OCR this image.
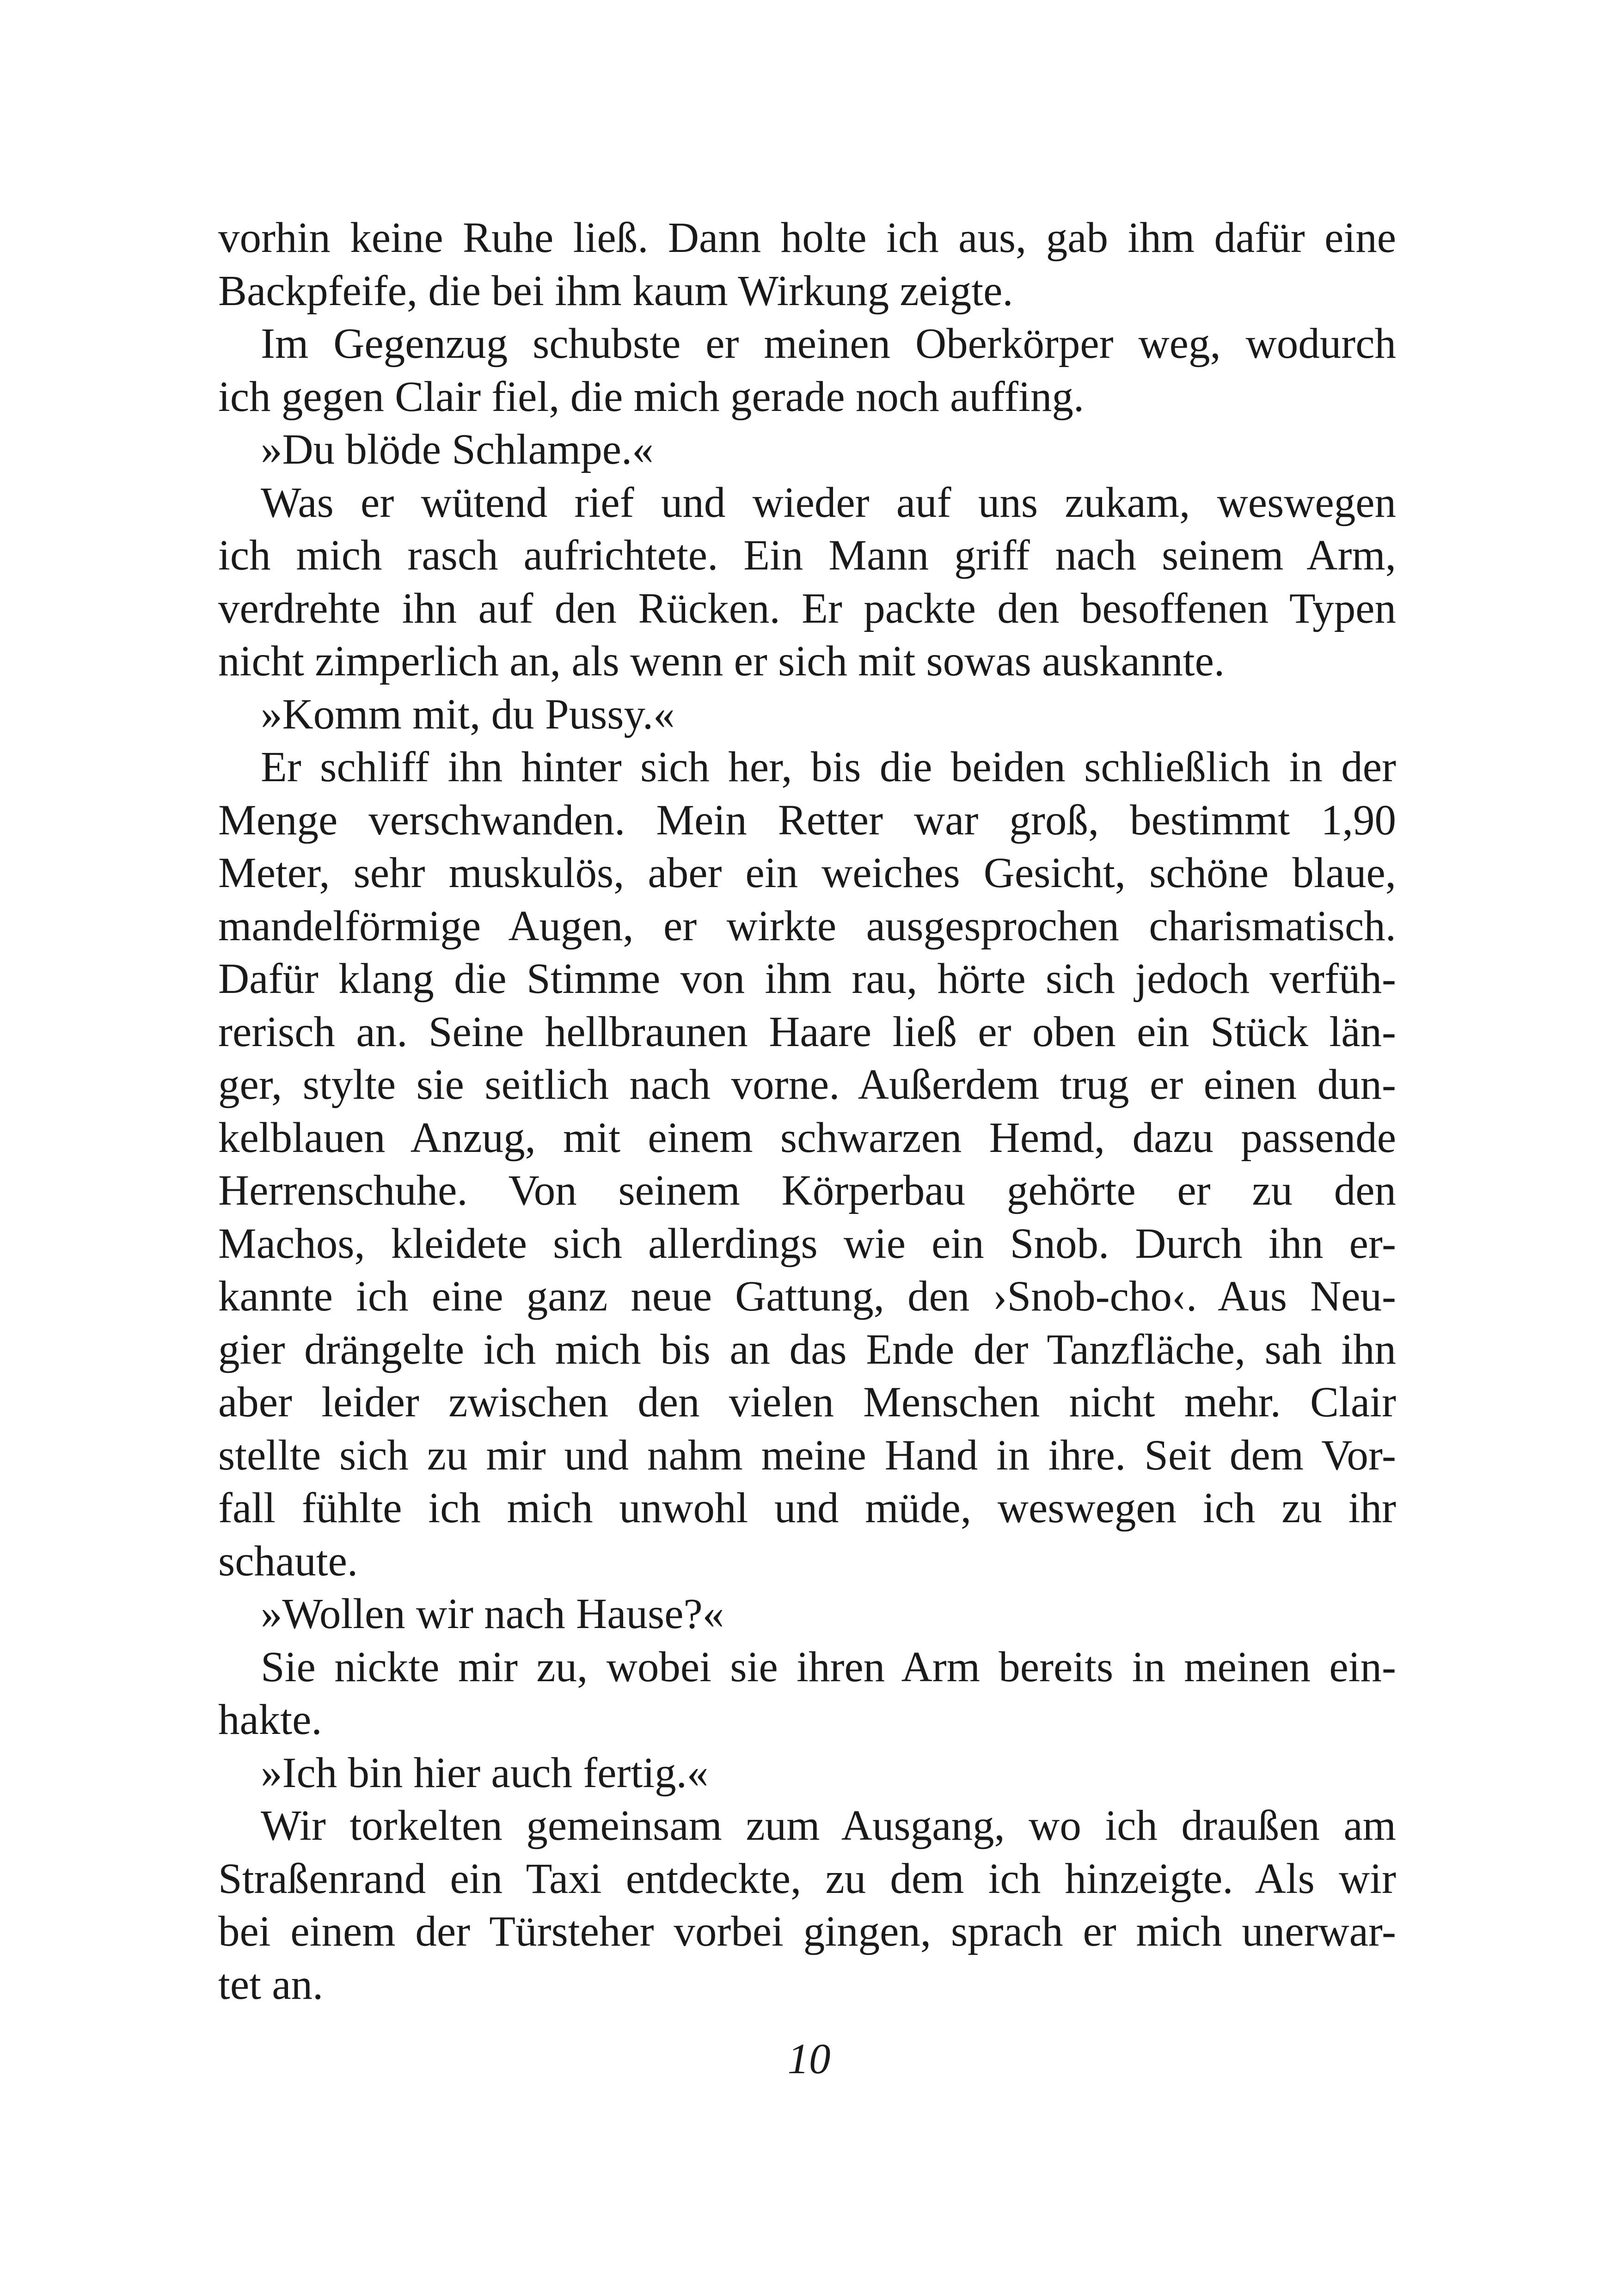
vorhin keine Ruhe ließ. Dann holte ich aus, gab ihm dafür eine
Backpfeife, die bei ihm kaum Wirkung zeigte.
Im Gegenzug schubste er meinen Oberkörper weg, wodurch
ich gegen Clair fiel, die mich gerade noch auffing.
»Du blöde Schlampe.«
Was er wütend rief und wieder auf uns zukam, weswegen
ich mich rasch aufrichtete. Ein Mann griff nach seinem Arm,
verdrehte ihn auf den Rücken. Er packte den besoffenen Typen
nicht zimperlich an, als wenn er sich mit sowas auskannte.
»Komm mit, du Pussy.«
Er schliff ihn hinter sich her, bis die beiden schließlich in der
Menge verschwanden. Mein Retter war groß, bestimmt 1,90
Meter, sehr muskulös, aber ein weiches Gesicht, schöne blaue,
mandelförmige Augen, er wirkte ausgesprochen charismatisch.
Dafür klang die Stimme von ihm rau, hörte sich jedoch verfüh-
rerisch an. Seine hellbraunen Haare ließ er oben ein Stück län-
ger, stylte sie seitlich nach vorne. Außerdem trug er einen dun-
kelblauen Anzug, mit einem schwarzen Hemd, dazu passende
Herrenschuhe. Von seinem Körperbau gehörte er zu den
Machos, kleidete sich allerdings wie ein Snob. Durch ihn er-
kannte ich eine ganz neue Gattung, den ›Snob-cho‹. Aus Neu-
gier drängelte ich mich bis an das Ende der Tanzfläche, sah ihn
aber leider zwischen den vielen Menschen nicht mehr. Clair
stellte sich zu mir und nahm meine Hand in ihre. Seit dem Vor-
fall fühlte ich mich unwohl und müde, weswegen ich zu ihr
schaute.
»Wollen wir nach Hause?«
Sie nickte mir zu, wobei sie ihren Arm bereits in meinen ein-
hakte.
»Ich bin hier auch fertig.«
Wir torkelten gemeinsam zum Ausgang, wo ich draußen am
Straßenrand ein Taxi entdeckte, zu dem ich hinzeigte. Als wir
bei einem der Türsteher vorbei gingen, sprach er mich unerwar-
tet an.
10
